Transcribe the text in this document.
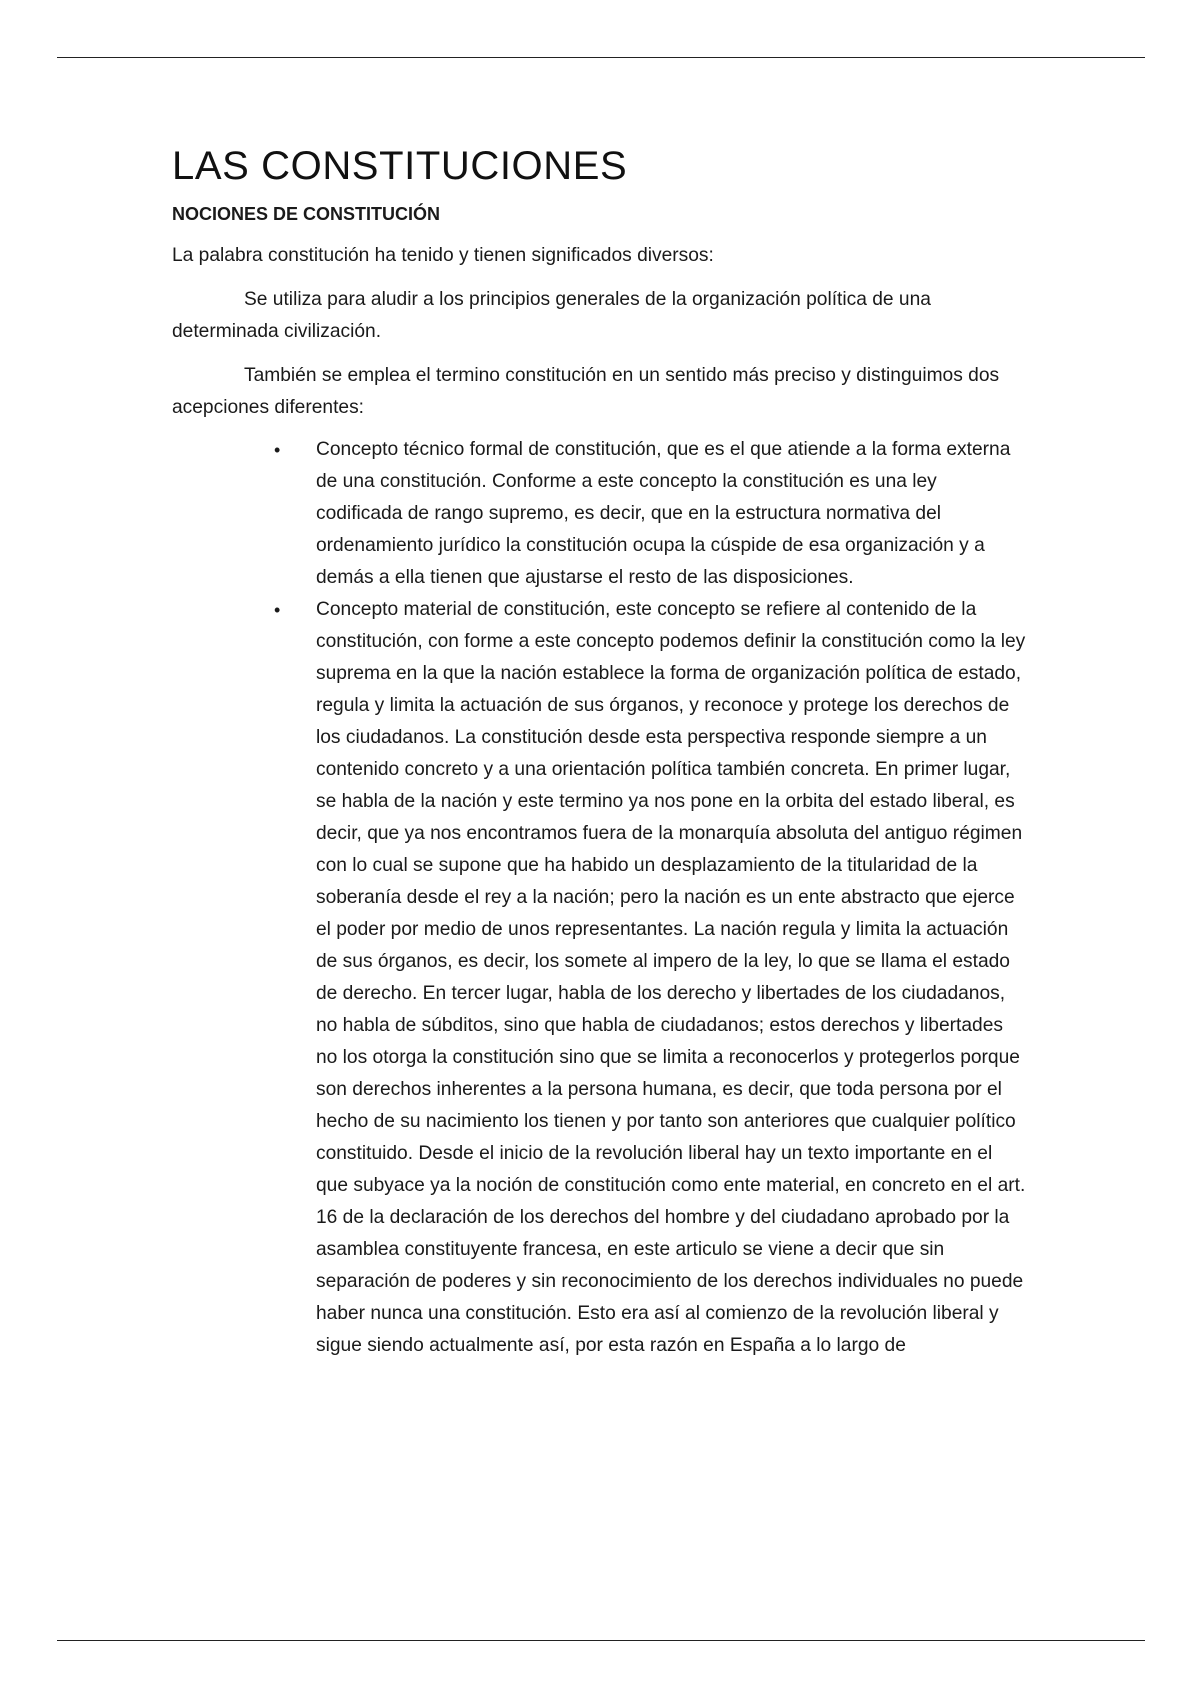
LAS CONSTITUCIONES
NOCIONES DE CONSTITUCIÓN

La palabra constitución ha tenido y tienen significados diversos:

Se utiliza para aludir a los principios generales de la organización política de una determinada civilización.

También se emplea el termino constitución en un sentido más preciso y distinguimos dos acepciones diferentes:

• Concepto técnico formal de constitución, que es el que atiende a la forma externa de una constitución. Conforme a este concepto la constitución es una ley codificada de rango supremo, es decir, que en la estructura normativa del ordenamiento jurídico la constitución ocupa la cúspide de esa organización y a demás a ella tienen que ajustarse el resto de las disposiciones.
• Concepto material de constitución, este concepto se refiere al contenido de la constitución, con forme a este concepto podemos definir la constitución como la ley suprema en la que la nación establece la forma de organización política de estado, regula y limita la actuación de sus órganos, y reconoce y protege los derechos de los ciudadanos. La constitución desde esta perspectiva responde siempre a un contenido concreto y a una orientación política también concreta. En primer lugar, se habla de la nación y este termino ya nos pone en la orbita del estado liberal, es decir, que ya nos encontramos fuera de la monarquía absoluta del antiguo régimen con lo cual se supone que ha habido un desplazamiento de la titularidad de la soberanía desde el rey a la nación; pero la nación es un ente abstracto que ejerce el poder por medio de unos representantes. La nación regula y limita la actuación de sus órganos, es decir, los somete al impero de la ley, lo que se llama el estado de derecho. En tercer lugar, habla de los derecho y libertades de los ciudadanos, no habla de súbditos, sino que habla de ciudadanos; estos derechos y libertades no los otorga la constitución sino que se limita a reconocerlos y protegerlos porque son derechos inherentes a la persona humana, es decir, que toda persona por el hecho de su nacimiento los tienen y por tanto son anteriores que cualquier político constituido. Desde el inicio de la revolución liberal hay un texto importante en el que subyace ya la noción de constitución como ente material, en concreto en el art. 16 de la declaración de los derechos del hombre y del ciudadano aprobado por la asamblea constituyente francesa, en este articulo se viene a decir que sin separación de poderes y sin reconocimiento de los derechos individuales no puede haber nunca una constitución. Esto era así al comienzo de la revolución liberal y sigue siendo actualmente así, por esta razón en España a lo largo de
